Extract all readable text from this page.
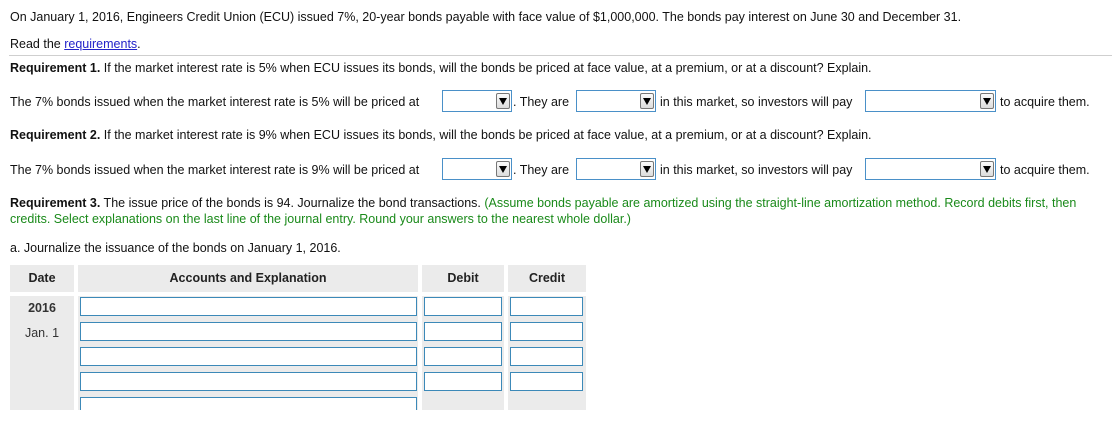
On January 1, 2016, Engineers Credit Union (ECU) issued 7%, 20-year bonds payable with face value of $1,000,000. The bonds pay interest on June 30 and December 31.
Read the requirements.
Requirement 1. If the market interest rate is 5% when ECU issues its bonds, will the bonds be priced at face value, at a premium, or at a discount? Explain.
The 7% bonds issued when the market interest rate is 5% will be priced at	. They are	in this market, so investors will pay	to acquire them.
Requirement 2. If the market interest rate is 9% when ECU issues its bonds, will the bonds be priced at face value, at a premium, or at a discount? Explain.
The 7% bonds issued when the market interest rate is 9% will be priced at	. They are	in this market, so investors will pay	to acquire them.
Requirement 3. The issue price of the bonds is 94. Journalize the bond transactions. (Assume bonds payable are amortized using the straight-line amortization method. Record debits first, then
credits. Select explanations on the last line of the journal entry. Round your answers to the nearest whole dollar.)
a. Journalize the issuance of the bonds on January 1, 2016.
Date	Accounts and Explanation	Debit	Credit
2016
Jan. 1
